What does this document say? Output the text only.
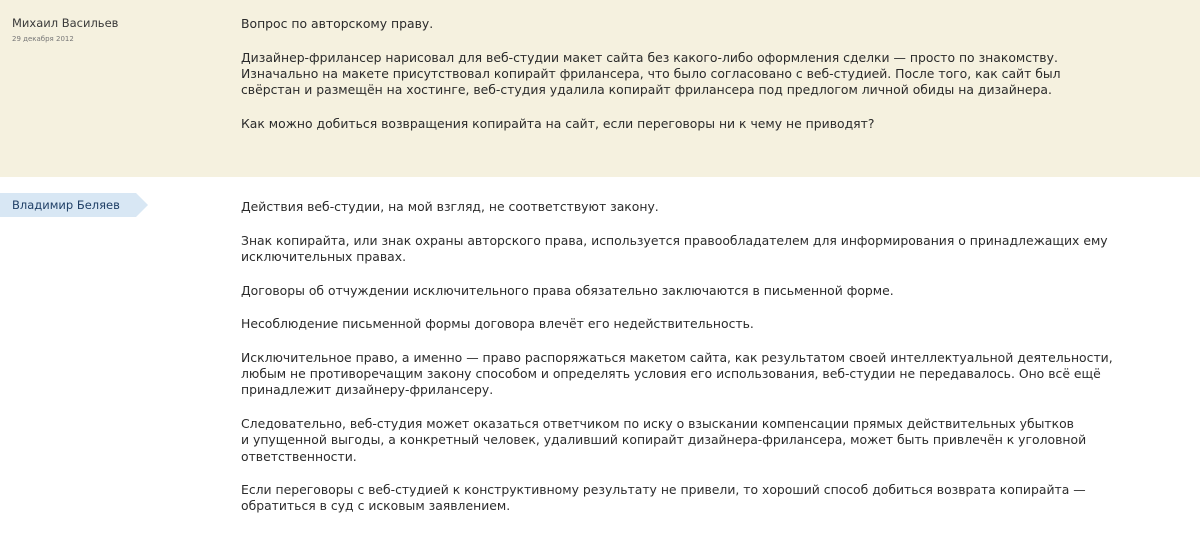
Михаил Васильев
29 декабря 2012

Вопрос по авторскому праву.

Дизайнер-фрилансер нарисовал для веб-студии макет сайта без какого-либо оформления сделки — просто по знакомству.
Изначально на макете присутствовал копирайт фрилансера, что было согласовано с веб-студией. После того, как сайт был
свёрстан и размещён на хостинге, веб-студия удалила копирайт фрилансера под предлогом личной обиды на дизайнера.

Как можно добиться возвращения копирайта на сайт, если переговоры ни к чему не приводят?

Владимир Беляев	Действия веб-студии, на мой взгляд, не соответствуют закону.

Знак копирайта, или знак охраны авторского права, используется правообладателем для информирования о принадлежащих ему
исключительных правах.

Договоры об отчуждении исключительного права обязательно заключаются в письменной форме.

Несоблюдение письменной формы договора влечёт его недействительность.

Исключительное право, а именно — право распоряжаться макетом сайта, как результатом своей интеллектуальной деятельности,
любым не противоречащим закону способом и определять условия его использования, веб-студии не передавалось. Оно всё ещё
принадлежит дизайнеру-фрилансеру.

Следовательно, веб-студия может оказаться ответчиком по иску о взыскании компенсации прямых действительных убытков
и упущенной выгоды, а конкретный человек, удаливший копирайт дизайнера-фрилансера, может быть привлечён к уголовной
ответственности.

Если переговоры с веб-студией к конструктивному результату не привели, то хороший способ добиться возврата копирайта —
обратиться в суд с исковым заявлением.
